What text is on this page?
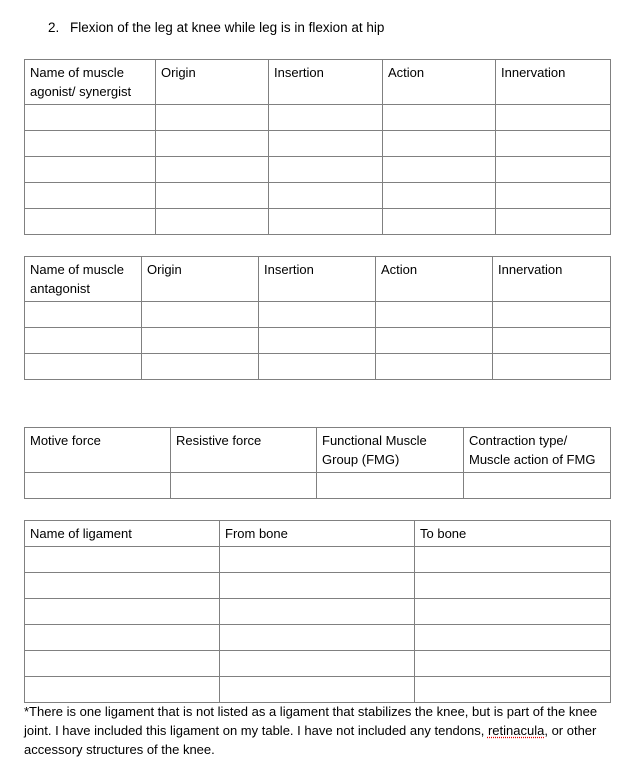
2. Flexion of the leg at knee while leg is in flexion at hip
Name of muscle agonist/ synergist	Origin	Insertion	Action	Innervation

Name of muscle antagonist	Origin	Insertion	Action	Innervation

Motive force	Resistive force	Functional Muscle Group (FMG)	Contraction type/ Muscle action of FMG

Name of ligament	From bone	To bone

*There is one ligament that is not listed as a ligament that stabilizes the knee, but is part of the knee joint. I have included this ligament on my table. I have not included any tendons, retinacula, or other accessory structures of the knee.
